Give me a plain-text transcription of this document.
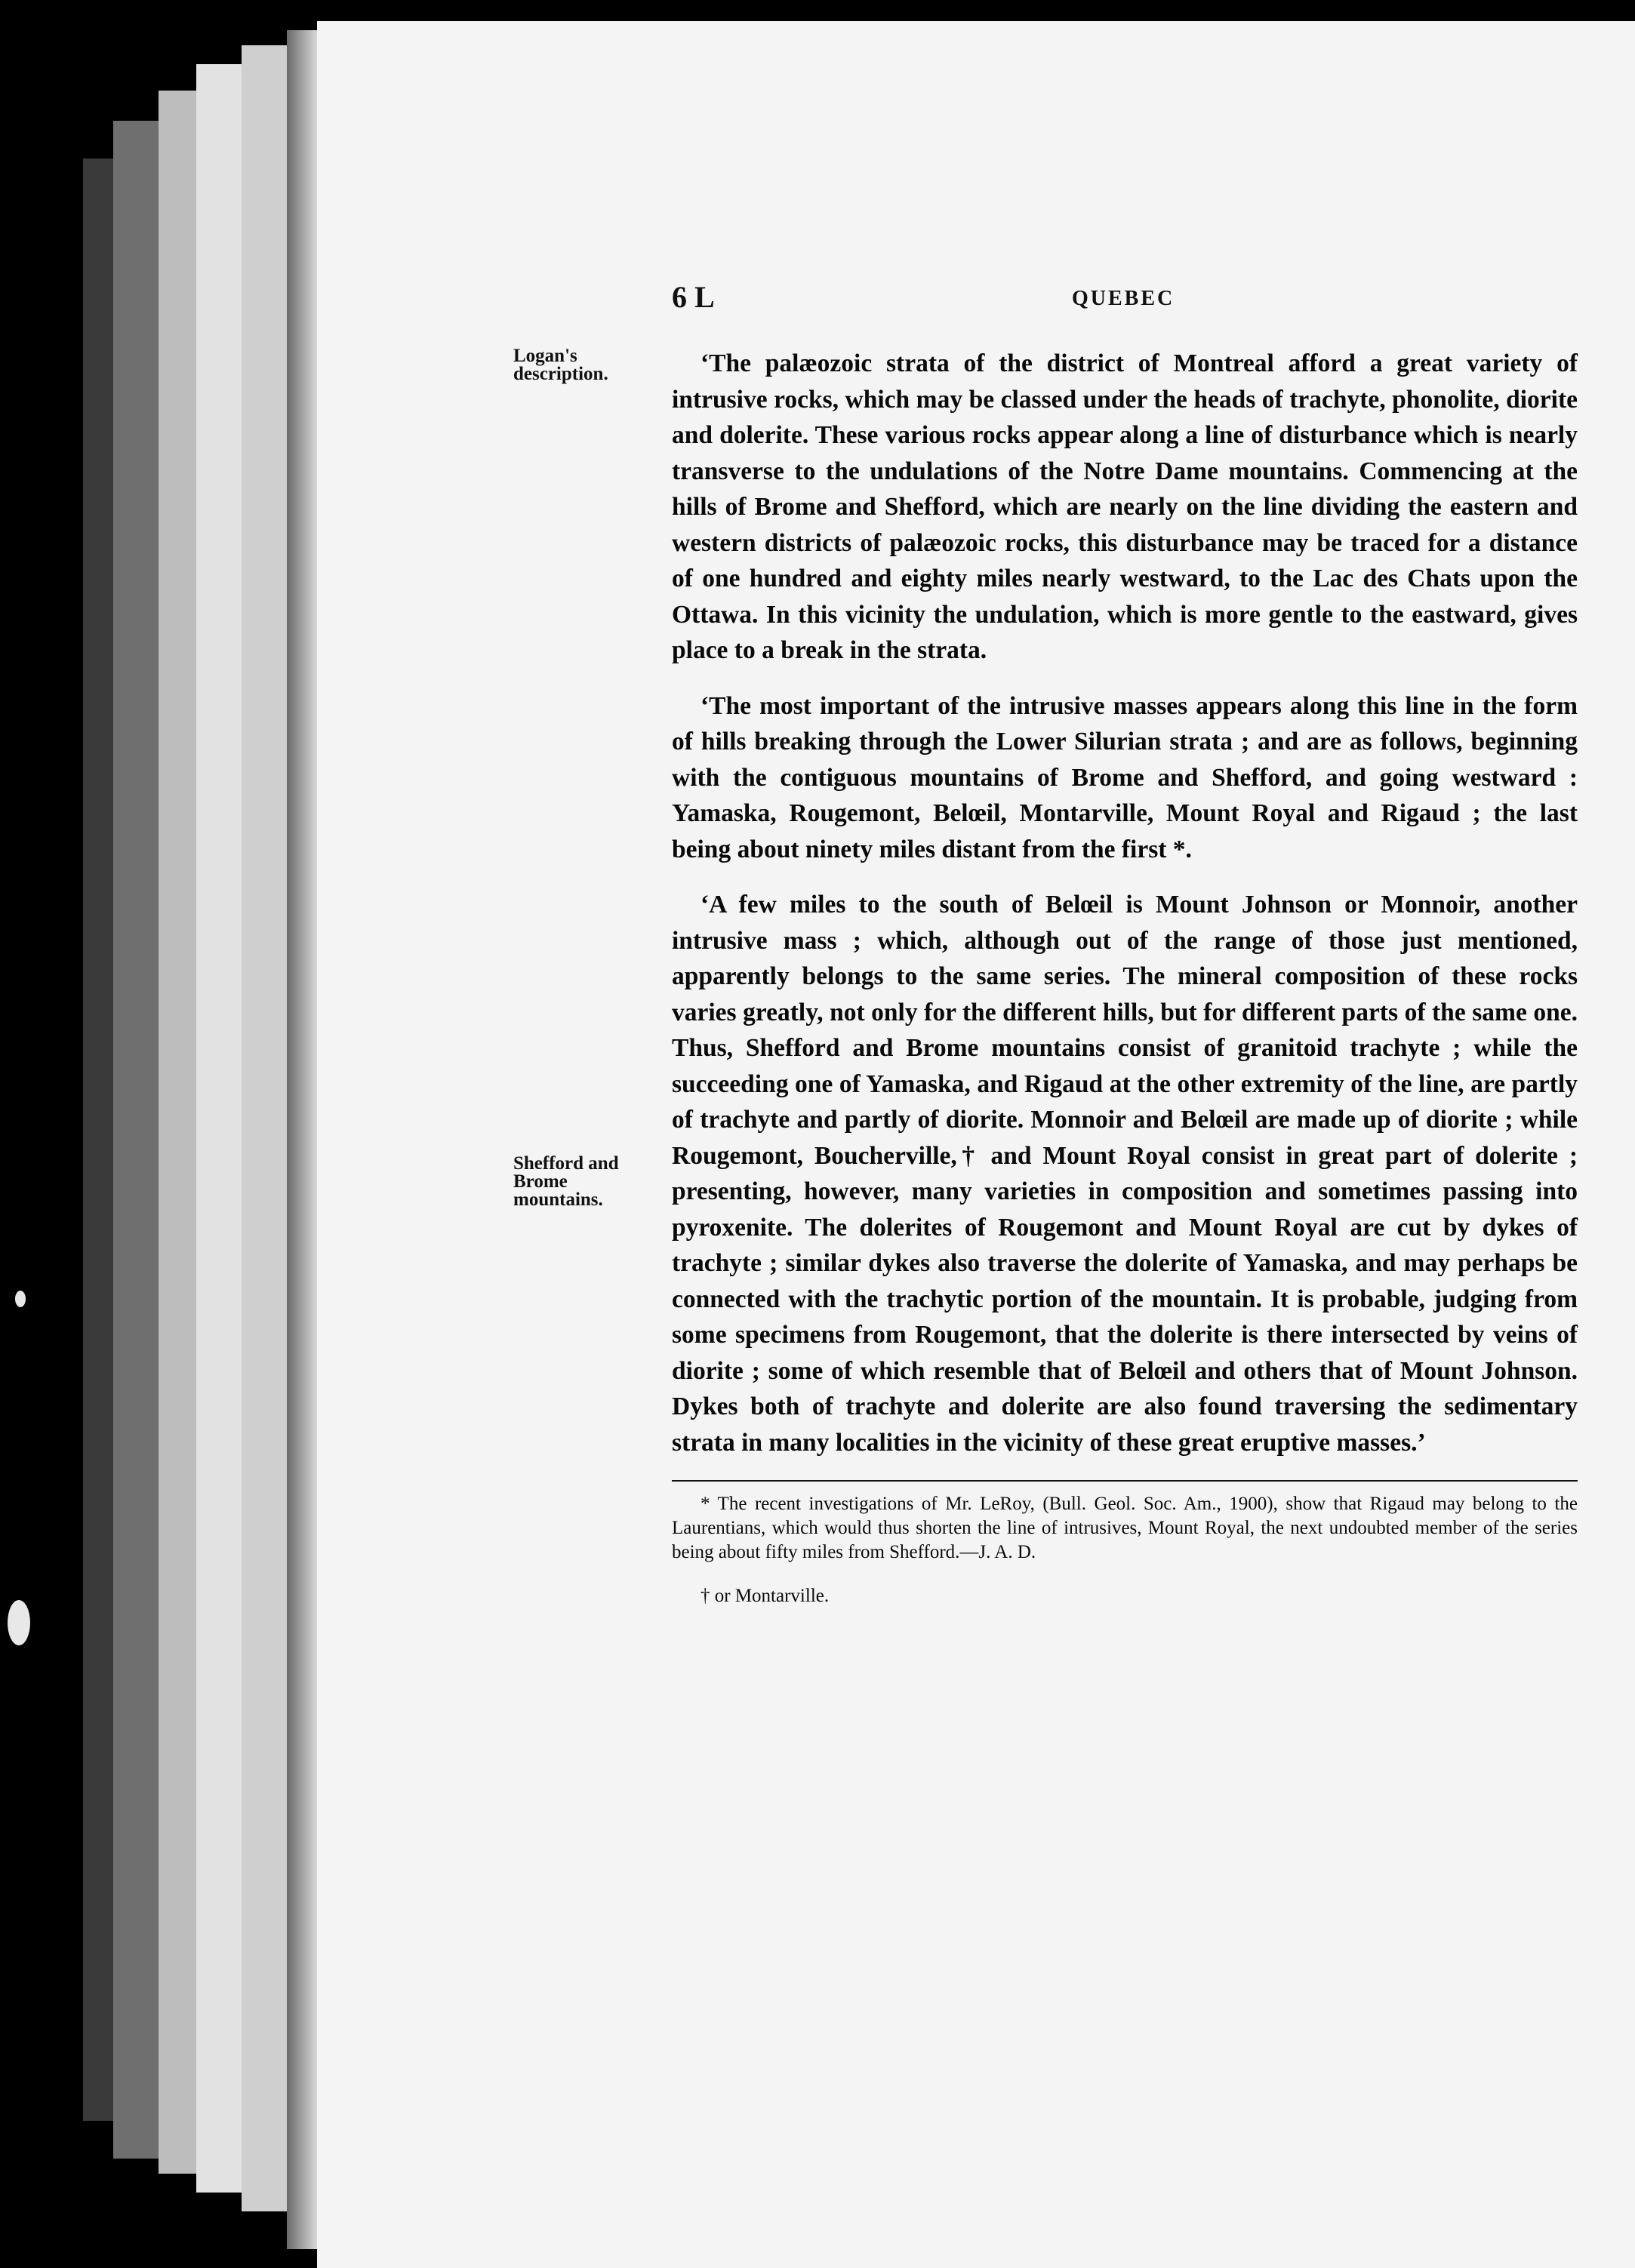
6 L	QUEBEC
Logan's description.
Shefford and Brome mountains.

‘The palæozoic strata of the district of Montreal afford a great variety of intrusive rocks, which may be classed under the heads of trachyte, phonolite, diorite and dolerite. These various rocks appear along a line of disturbance which is nearly transverse to the undulations of the Notre Dame mountains. Commencing at the hills of Brome and Shefford, which are nearly on the line dividing the eastern and western districts of palæozoic rocks, this disturbance may be traced for a distance of one hundred and eighty miles nearly westward, to the Lac des Chats upon the Ottawa. In this vicinity the undulation, which is more gentle to the eastward, gives place to a break in the strata.

‘The most important of the intrusive masses appears along this line in the form of hills breaking through the Lower Silurian strata ; and are as follows, beginning with the contiguous mountains of Brome and Shefford, and going westward : Yamaska, Rougemont, Belœil, Montarville, Mount Royal and Rigaud ; the last being about ninety miles distant from the first *.

‘A few miles to the south of Belœil is Mount Johnson or Monnoir, another intrusive mass ; which, although out of the range of those just mentioned, apparently belongs to the same series. The mineral composition of these rocks varies greatly, not only for the different hills, but for different parts of the same one. Thus, Shefford and Brome mountains consist of granitoid trachyte ; while the succeeding one of Yamaska, and Rigaud at the other extremity of the line, are partly of trachyte and partly of diorite. Monnoir and Belœil are made up of diorite ; while Rougemont, Boucherville,† and Mount Royal consist in great part of dolerite ; presenting, however, many varieties in composition and sometimes passing into pyroxenite. The dolerites of Rougemont and Mount Royal are cut by dykes of trachyte ; similar dykes also traverse the dolerite of Yamaska, and may perhaps be connected with the trachytic portion of the mountain. It is probable, judging from some specimens from Rougemont, that the dolerite is there intersected by veins of diorite ; some of which resemble that of Belœil and others that of Mount Johnson. Dykes both of trachyte and dolerite are also found traversing the sedimentary strata in many localities in the vicinity of these great eruptive masses.’

* The recent investigations of Mr. LeRoy, (Bull. Geol. Soc. Am., 1900), show that Rigaud may belong to the Laurentians, which would thus shorten the line of intrusives, Mount Royal, the next undoubted member of the series being about fifty miles from Shefford.—J. A. D.

† or Montarville.
